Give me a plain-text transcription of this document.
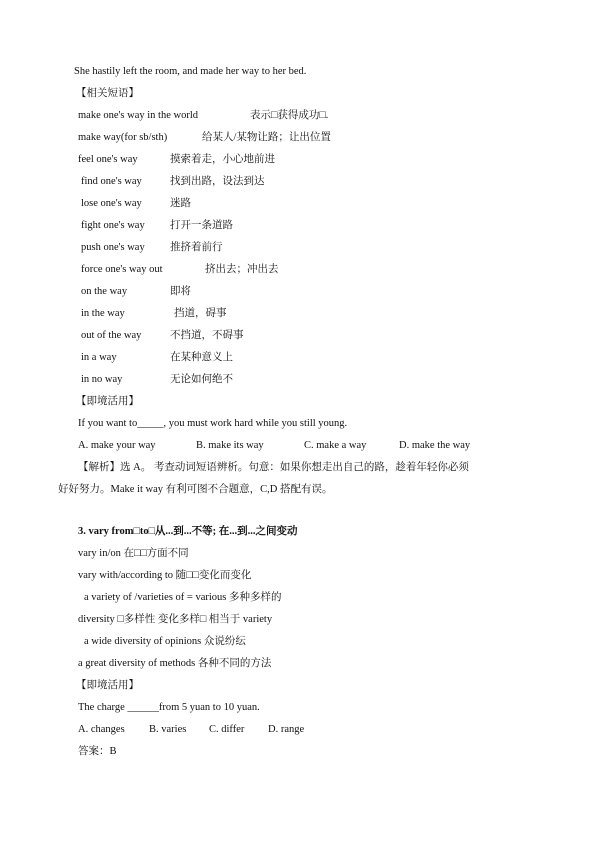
She hastily left the room, and made her way to her bed.
【相关短语】
make one's way in the world	表示□获得成功□.
make way(for sb/sth)	给某人/某物让路；让出位置
feel one's way	摸索着走，小心地前进
find one's way	找到出路，设法到达
lose one's way	迷路
fight one's way 打开一条道路
push one's way 推挤着前行
force one's way out	挤出去；冲出去
on the way	即将
in the way	挡道，碍事
out of the way	不挡道，不碍事
in a way	在某种意义上
in no way	无论如何绝不
【即境活用】
If you want to_____, you must work hard while you still young.
A. make your way	B. make its way	C. make a way	D. make the way
【解析】选 A。 考查动词短语辨析。句意：如果你想走出自己的路，趁着年轻你必须
好好努力。Make it way 有利可图不合题意，C,D 搭配有误。
3. vary from□to□从...到...不等; 在...到...之间变动
vary in/on 在□□方面不同
vary with/according to 随□□变化而变化
a variety of /varieties of = various 多种多样的
diversity □多样性 变化多样□ 相当于 variety
a wide diversity of opinions 众说纷纭
a great diversity of methods 各种不同的方法
【即境活用】
The charge ______from 5 yuan to 10 yuan.
A. changes B. varies C. differ D. range
答案：B
